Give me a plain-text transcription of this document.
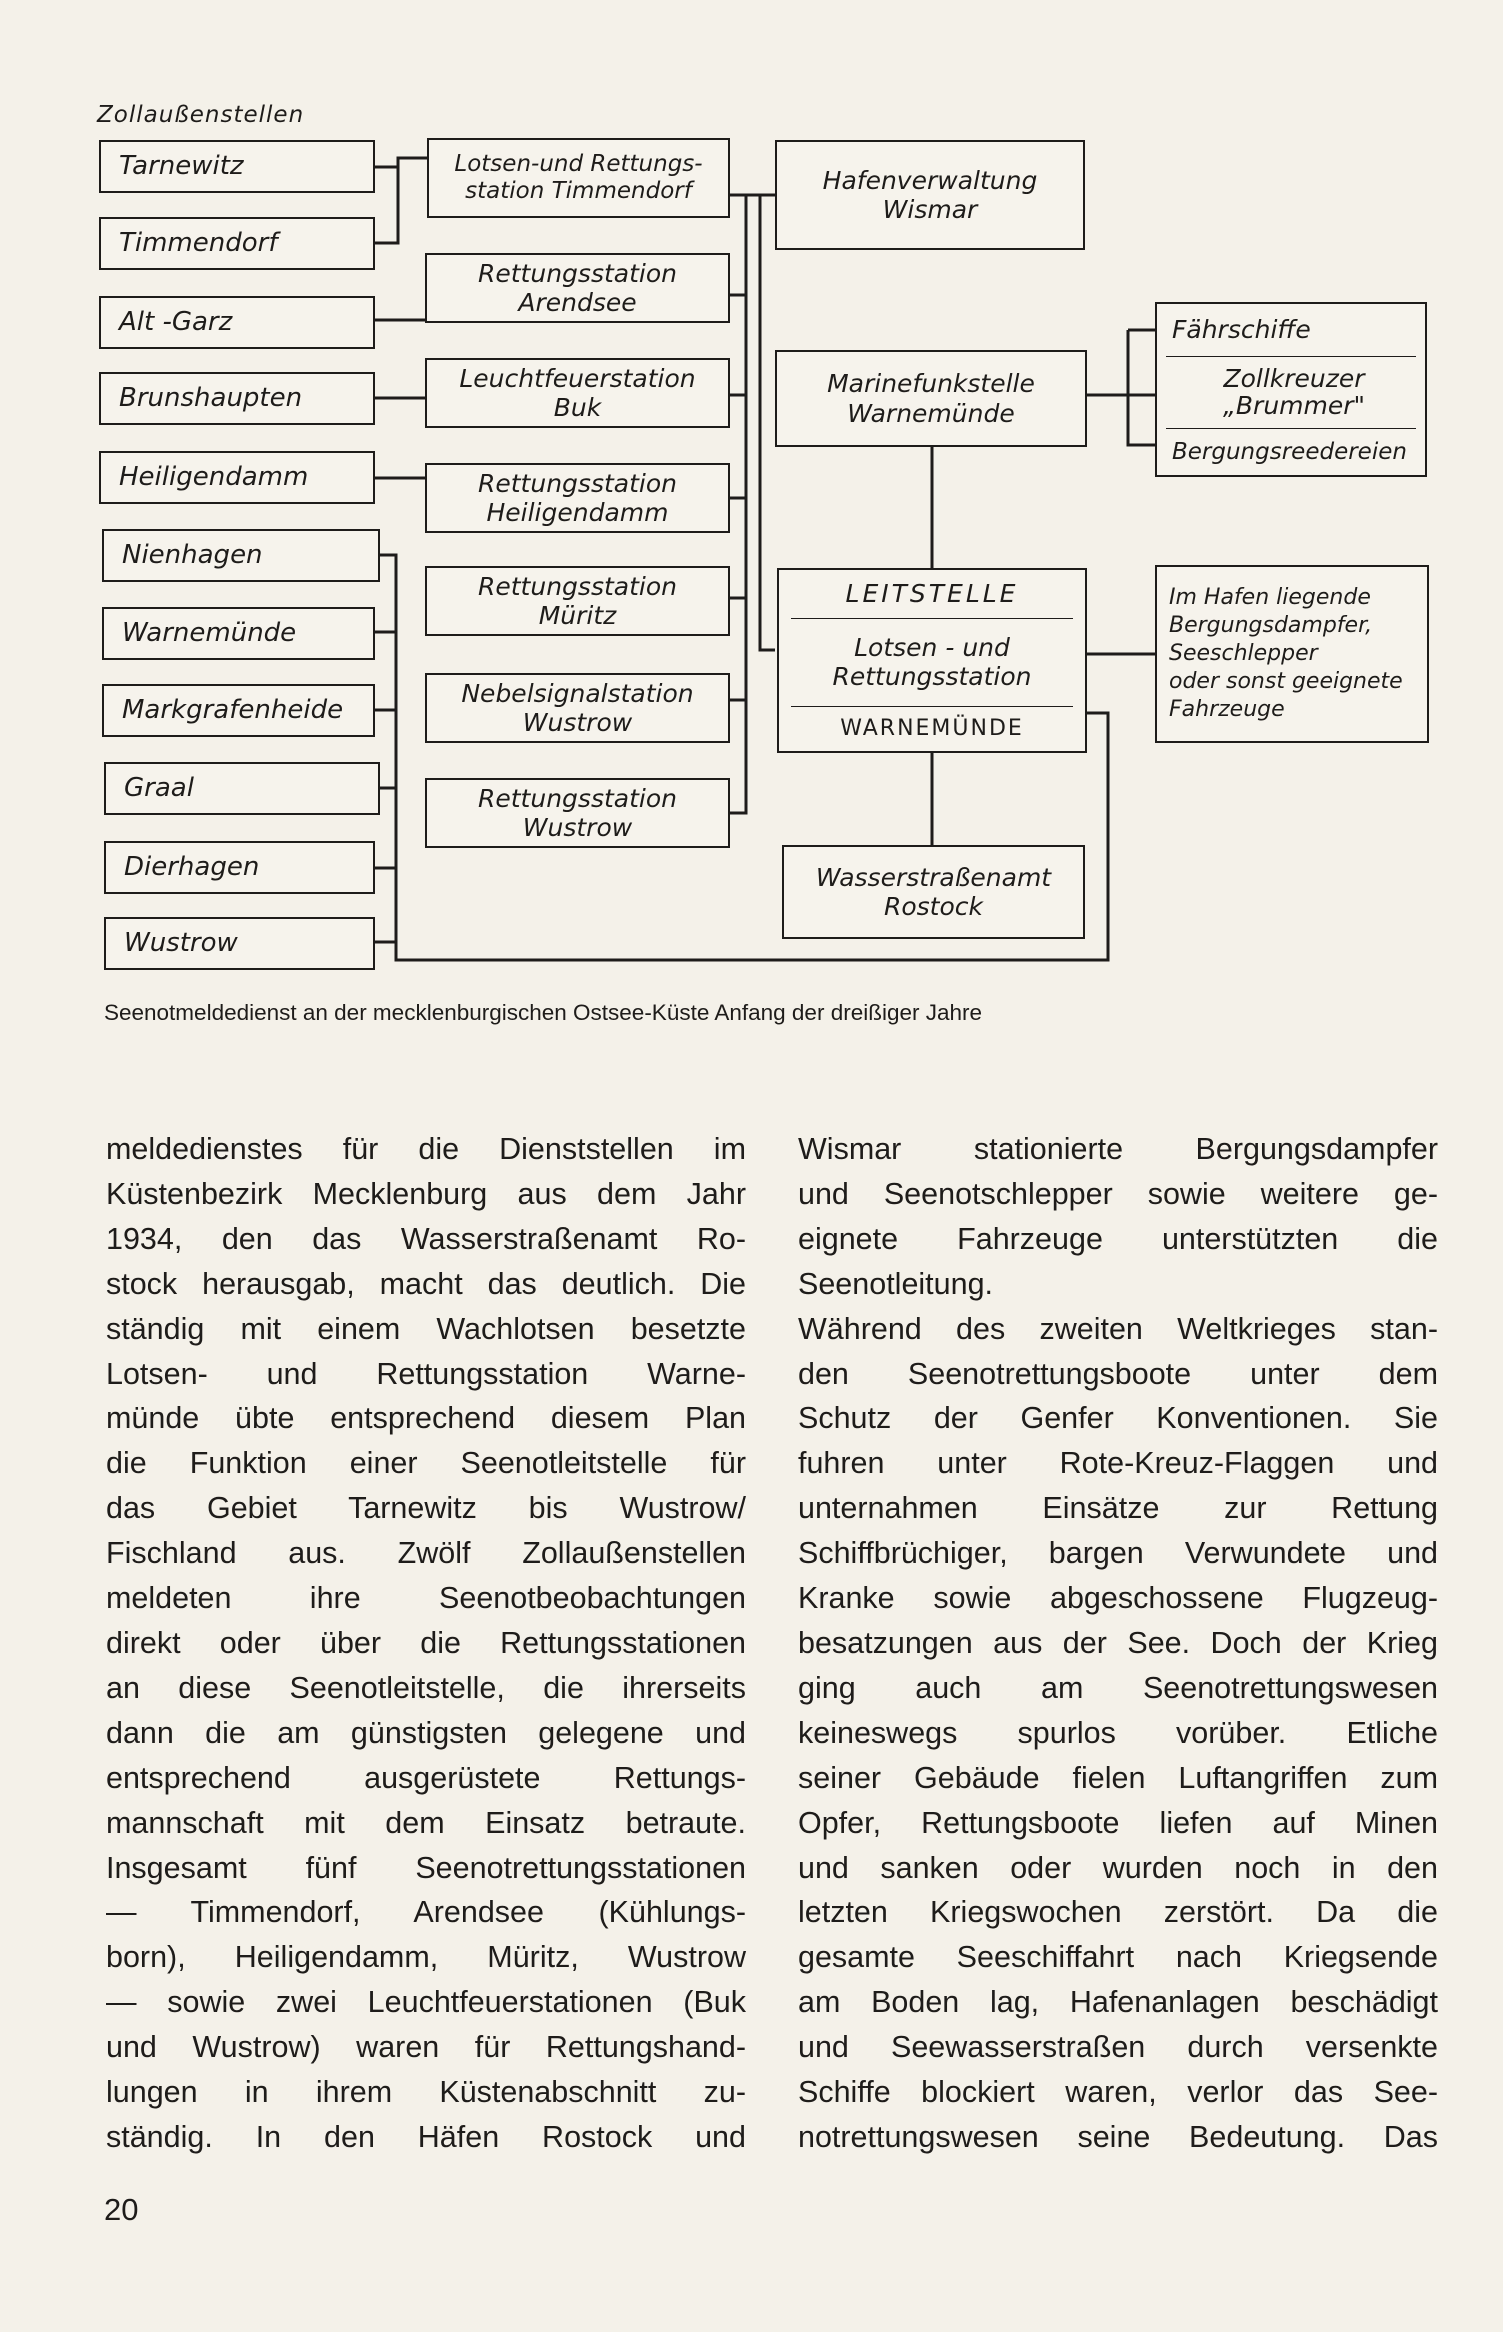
Zollaußenstellen
Tarnewitz
Timmendorf
Alt -Garz
Brunshaupten
Heiligendamm
Nienhagen
Warnemünde
Markgrafenheide
Graal
Dierhagen
Wustrow
Lotsen-und Rettungs-
station Timmendorf
Rettungsstation
Arendsee
Leuchtfeuerstation
Buk
Rettungsstation
Heiligendamm
Rettungsstation
Müritz
Nebelsignalstation
Wustrow
Rettungsstation
Wustrow
Hafenverwaltung
Wismar
Marinefunkstelle
Warnemünde
LEITSTELLE
Lotsen - und
Rettungsstation
WARNEMÜNDE
Wasserstraßenamt
Rostock
Fährschiffe
Zollkreuzer „Brummer"
Bergungsreedereien
Im Hafen liegende
Bergungsdampfer,
Seeschlepper
oder sonst geeignete
Fahrzeuge
Seenotmeldedienst an der mecklenburgischen Ostsee-Küste Anfang der dreißiger Jahre
meldedienstes für die Dienststellen im
Küstenbezirk Mecklenburg aus dem Jahr
1934, den das Wasserstraßenamt Ro-
stock herausgab, macht das deutlich. Die
ständig mit einem Wachlotsen besetzte
Lotsen- und Rettungsstation Warne-
münde übte entsprechend diesem Plan
die Funktion einer Seenotleitstelle für
das Gebiet Tarnewitz bis Wustrow/
Fischland aus. Zwölf Zollaußenstellen
meldeten ihre Seenotbeobachtungen
direkt oder über die Rettungsstationen
an diese Seenotleitstelle, die ihrerseits
dann die am günstigsten gelegene und
entsprechend ausgerüstete Rettungs-
mannschaft mit dem Einsatz betraute.
Insgesamt fünf Seenotrettungsstationen
— Timmendorf, Arendsee (Kühlungs-
born), Heiligendamm, Müritz, Wustrow
— sowie zwei Leuchtfeuerstationen (Buk
und Wustrow) waren für Rettungshand-
lungen in ihrem Küstenabschnitt zu-
ständig. In den Häfen Rostock und
Wismar stationierte Bergungsdampfer
und Seenotschlepper sowie weitere ge-
eignete Fahrzeuge unterstützten die
Seenotleitung.
Während des zweiten Weltkrieges stan-
den Seenotrettungsboote unter dem
Schutz der Genfer Konventionen. Sie
fuhren unter Rote-Kreuz-Flaggen und
unternahmen Einsätze zur Rettung
Schiffbrüchiger, bargen Verwundete und
Kranke sowie abgeschossene Flugzeug-
besatzungen aus der See. Doch der Krieg
ging auch am Seenotrettungswesen
keineswegs spurlos vorüber. Etliche
seiner Gebäude fielen Luftangriffen zum
Opfer, Rettungsboote liefen auf Minen
und sanken oder wurden noch in den
letzten Kriegswochen zerstört. Da die
gesamte Seeschiffahrt nach Kriegsende
am Boden lag, Hafenanlagen beschädigt
und Seewasserstraßen durch versenkte
Schiffe blockiert waren, verlor das See-
notrettungswesen seine Bedeutung. Das
20
